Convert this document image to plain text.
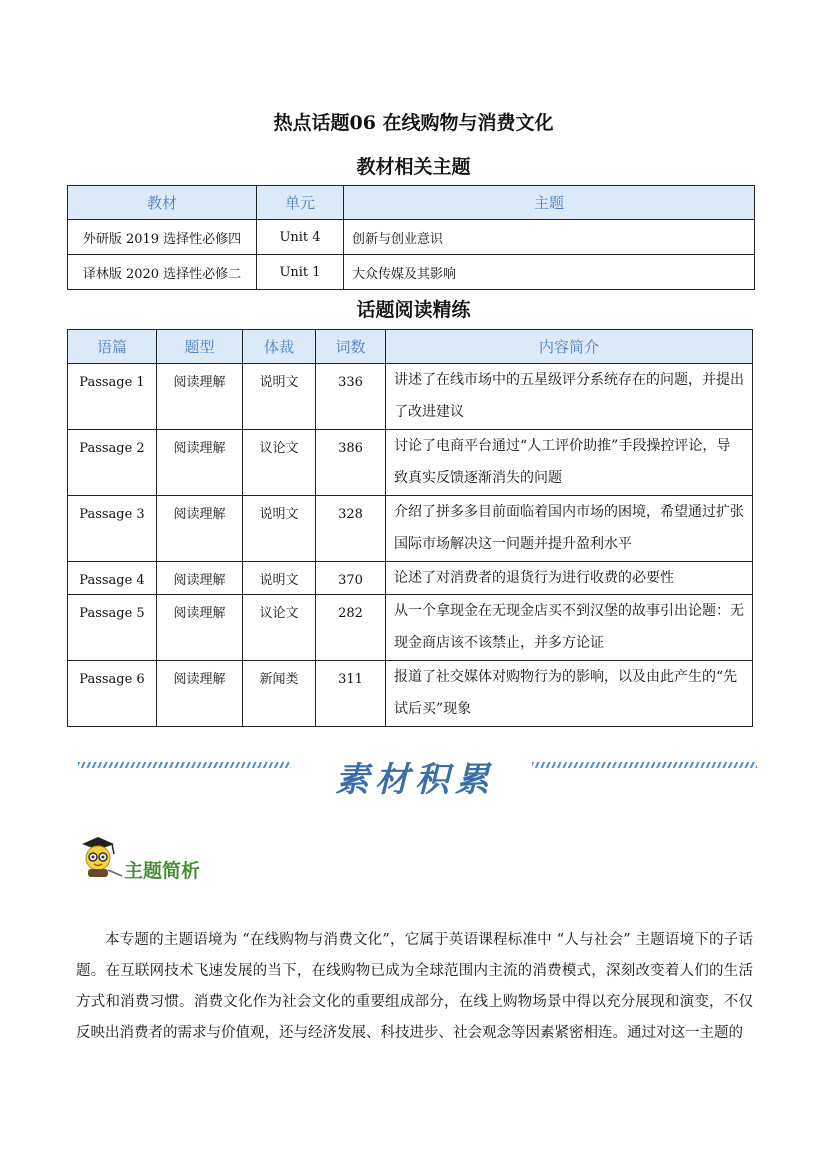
热点话题06 在线购物与消费文化
教材相关主题
教材	单元	主题
外研版 2019 选择性必修四	Unit 4	创新与创业意识
译林版 2020 选择性必修二	Unit 1	大众传媒及其影响
话题阅读精练
语篇	题型	体裁	词数	内容简介
Passage 1	阅读理解	说明文	336	讲述了在线市场中的五星级评分系统存在的问题，并提出了改进建议
Passage 2	阅读理解	议论文	386	讨论了电商平台通过“人工评价助推”手段操控评论，导致真实反馈逐渐消失的问题
Passage 3	阅读理解	说明文	328	介绍了拼多多目前面临着国内市场的困境，希望通过扩张国际市场解决这一问题并提升盈利水平
Passage 4	阅读理解	说明文	370	论述了对消费者的退货行为进行收费的必要性
Passage 5	阅读理解	议论文	282	从一个拿现金在无现金店买不到汉堡的故事引出论题：无现金商店该不该禁止，并多方论证
Passage 6	阅读理解	新闻类	311	报道了社交媒体对购物行为的影响，以及由此产生的“先试后买”现象
素材积累
主题简析
本专题的主题语境为 “在线购物与消费文化”，它属于英语课程标准中 “人与社会” 主题语境下的子话题。在互联网技术飞速发展的当下，在线购物已成为全球范围内主流的消费模式，深刻改变着人们的生活方式和消费习惯。消费文化作为社会文化的重要组成部分，在线上购物场景中得以充分展现和演变，不仅反映出消费者的需求与价值观，还与经济发展、科技进步、社会观念等因素紧密相连。通过对这一主题的
